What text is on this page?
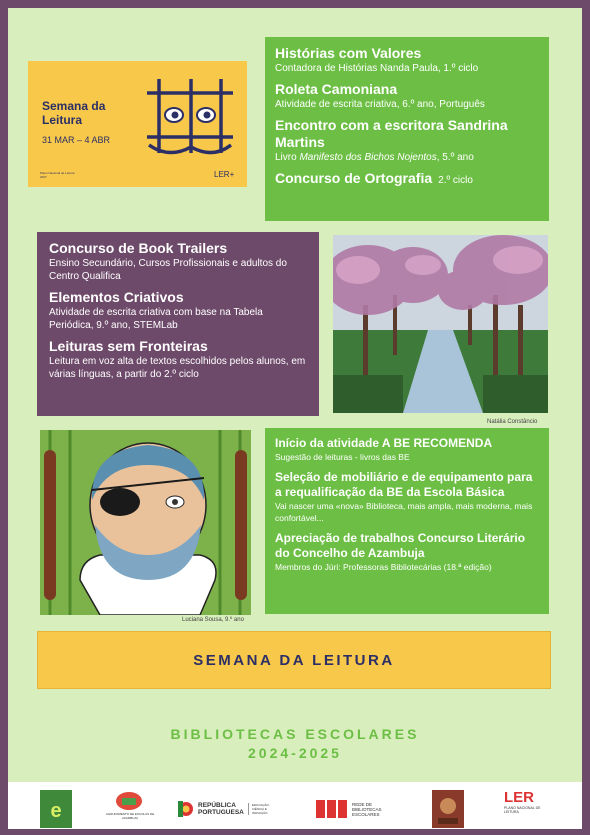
Semana da
Leitura
31 MAR – 4 ABR
Plano Nacional de Leitura 2027	LER+
Histórias com Valores
Contadora de Histórias Nanda Paula, 1.º ciclo
Roleta Camoniana
Atividade de escrita criativa, 6.º ano, Português
Encontro com a escritora Sandrina Martins
Livro Manifesto dos Bichos Nojentos, 5.º ano
Concurso de Ortografia 2.º ciclo
Concurso de Book Trailers
Ensino Secundário, Cursos Profissionais e adultos do Centro Qualifica
Elementos Criativos
Atividade de escrita criativa com base na Tabela Periódica, 9.º ano, STEMLab
Leituras sem Fronteiras
Leitura em voz alta de textos escolhidos pelos alunos, em várias línguas, a partir do 2.º ciclo
Natália Constâncio
Luciana Sousa, 9.º ano
Início da atividade A BE RECOMENDA
Sugestão de leituras - livros das BE
Seleção de mobiliário e de equipamento para a requalificação da BE da Escola Básica
Vai nascer uma «nova» Biblioteca, mais ampla, mais moderna, mais confortável...
Apreciação de trabalhos Concurso Literário do Concelho de Azambuja
Membros do Júri: Professoras Bibliotecárias (18.ª edição)
SEMANA DA LEITURA
BIBLIOTECAS ESCOLARES
2024-2025
e	AGRUPAMENTO DE ESCOLAS DE AZAMBUJA
REPÚBLICA
PORTUGUESA
EDUCAÇÃO, CIÊNCIA E INOVAÇÃO
REDE DE BIBLIOTECAS ESCOLARES
LER
PLANO NACIONAL DE LEITURA
